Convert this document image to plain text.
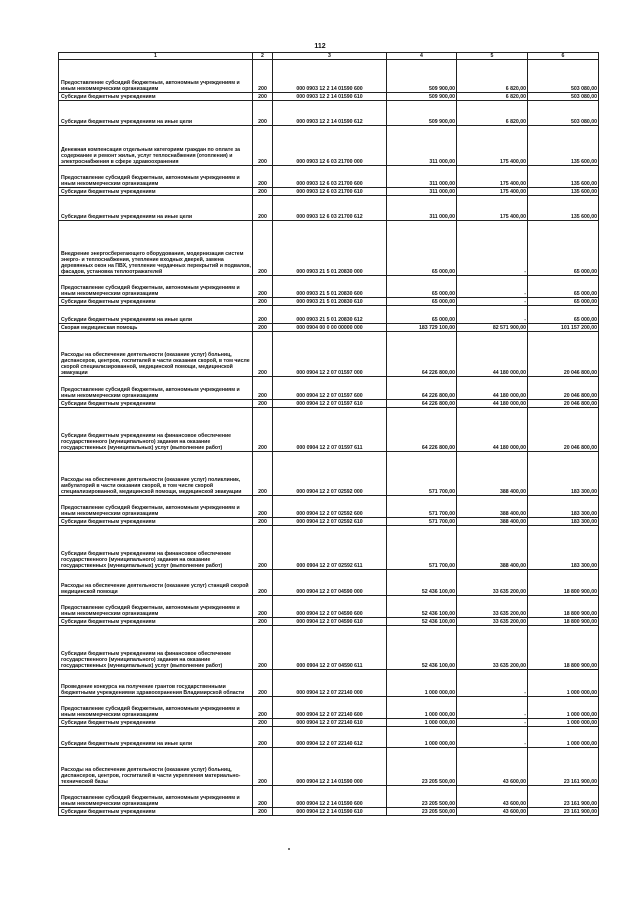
112
1	2	3	4	5	6
Предоставление субсидий бюджетным, автономным учреждениям и иным некоммерческим организациям	200	000 0903 12 2 14 01590 600	509 900,00	6 820,00	503 080,00
Субсидии бюджетным учреждениям	200	000 0903 12 2 14 01590 610	509 900,00	6 820,00	503 080,00
Субсидии бюджетным учреждениям на иные цели	200	000 0903 12 2 14 01590 612	509 900,00	6 820,00	503 080,00
Денежная компенсация отдельным категориям граждан по оплате за содержание и ремонт жилья, услуг теплоснабжения (отопления) и электроснабжения в сфере здравоохранения	200	000 0903 12 6 03 21700 000	311 000,00	175 400,00	135 600,00
Предоставление субсидий бюджетным, автономным учреждениям и иным некоммерческим организациям	200	000 0903 12 6 03 21700 600	311 000,00	175 400,00	135 600,00
Субсидии бюджетным учреждениям	200	000 0903 12 6 03 21700 610	311 000,00	175 400,00	135 600,00
Субсидии бюджетным учреждениям на иные цели	200	000 0903 12 6 03 21700 612	311 000,00	175 400,00	135 600,00
Внедрение энергосберегающего оборудования, модернизация систем энерго- и теплоснабжения, утепление входных дверей, замена деревянных окон на ПВХ, утепление чердачных перекрытий и подвалов, фасадов, установка теплоотражателей	200	000 0903 21 5 01 20830 000	65 000,00	-	65 000,00
Предоставление субсидий бюджетным, автономным учреждениям и иным некоммерческим организациям	200	000 0903 21 5 01 20830 600	65 000,00	-	65 000,00
Субсидии бюджетным учреждениям	200	000 0903 21 5 01 20830 610	65 000,00	-	65 000,00
Субсидии бюджетным учреждениям на иные цели	200	000 0903 21 5 01 20830 612	65 000,00	-	65 000,00
Скорая медицинская помощь	200	000 0904 00 0 00 00000 000	183 729 100,00	82 571 900,00	101 157 200,00
Расходы на обеспечение деятельности (оказание услуг) больниц, диспансеров, центров, госпиталей в части оказания скорой, в том числе скорой специализированной, медицинской помощи, медицинской эвакуации	200	000 0904 12 2 07 01597 000	64 226 800,00	44 180 000,00	20 046 800,00
Предоставление субсидий бюджетным, автономным учреждениям и иным некоммерческим организациям	200	000 0904 12 2 07 01597 600	64 226 800,00	44 180 000,00	20 046 800,00
Субсидии бюджетным учреждениям	200	000 0904 12 2 07 01597 610	64 226 800,00	44 180 000,00	20 046 800,00
Субсидии бюджетным учреждениям на финансовое обеспечение государственного (муниципального) задания на оказание государственных (муниципальных) услуг (выполнение работ)	200	000 0904 12 2 07 01597 611	64 226 800,00	44 180 000,00	20 046 800,00
Расходы на обеспечение деятельности (оказание услуг) поликлиник, амбулаторий в части оказания скорой, в том числе скорой специализированной, медицинской помощи, медицинской эвакуации	200	000 0904 12 2 07 02592 000	571 700,00	388 400,00	183 300,00
Предоставление субсидий бюджетным, автономным учреждениям и иным некоммерческим организациям	200	000 0904 12 2 07 02592 600	571 700,00	388 400,00	183 300,00
Субсидии бюджетным учреждениям	200	000 0904 12 2 07 02592 610	571 700,00	388 400,00	183 300,00
Субсидии бюджетным учреждениям на финансовое обеспечение государственного (муниципального) задания на оказание государственных (муниципальных) услуг (выполнение работ)	200	000 0904 12 2 07 02592 611	571 700,00	388 400,00	183 300,00
Расходы на обеспечение деятельности (оказание услуг) станций скорой медицинской помощи	200	000 0904 12 2 07 04590 000	52 436 100,00	33 635 200,00	18 800 900,00
Предоставление субсидий бюджетным, автономным учреждениям и иным некоммерческим организациям	200	000 0904 12 2 07 04590 600	52 436 100,00	33 635 200,00	18 800 900,00
Субсидии бюджетным учреждениям	200	000 0904 12 2 07 04590 610	52 436 100,00	33 635 200,00	18 800 900,00
Субсидии бюджетным учреждениям на финансовое обеспечение государственного (муниципального) задания на оказание государственных (муниципальных) услуг (выполнение работ)	200	000 0904 12 2 07 04590 611	52 436 100,00	33 635 200,00	18 800 900,00
Проведение конкурса на получение грантов государственными бюджетными учреждениями здравоохранения Владимирской области	200	000 0904 12 2 07 22140 000	1 000 000,00	-	1 000 000,00
Предоставление субсидий бюджетным, автономным учреждениям и иным некоммерческим организациям	200	000 0904 12 2 07 22140 600	1 000 000,00	-	1 000 000,00
Субсидии бюджетным учреждениям	200	000 0904 12 2 07 22140 610	1 000 000,00	-	1 000 000,00
Субсидии бюджетным учреждениям на иные цели	200	000 0904 12 2 07 22140 612	1 000 000,00	-	1 000 000,00
Расходы на обеспечение деятельности (оказание услуг) больниц, диспансеров, центров, госпиталей в части укрепления материально-технической базы	200	000 0904 12 2 14 01590 000	23 205 500,00	43 600,00	23 161 900,00
Предоставление субсидий бюджетным, автономным учреждениям и иным некоммерческим организациям	200	000 0904 12 2 14 01590 600	23 205 500,00	43 600,00	23 161 900,00
Субсидии бюджетным учреждениям	200	000 0904 12 2 14 01590 610	23 205 500,00	43 600,00	23 161 900,00
